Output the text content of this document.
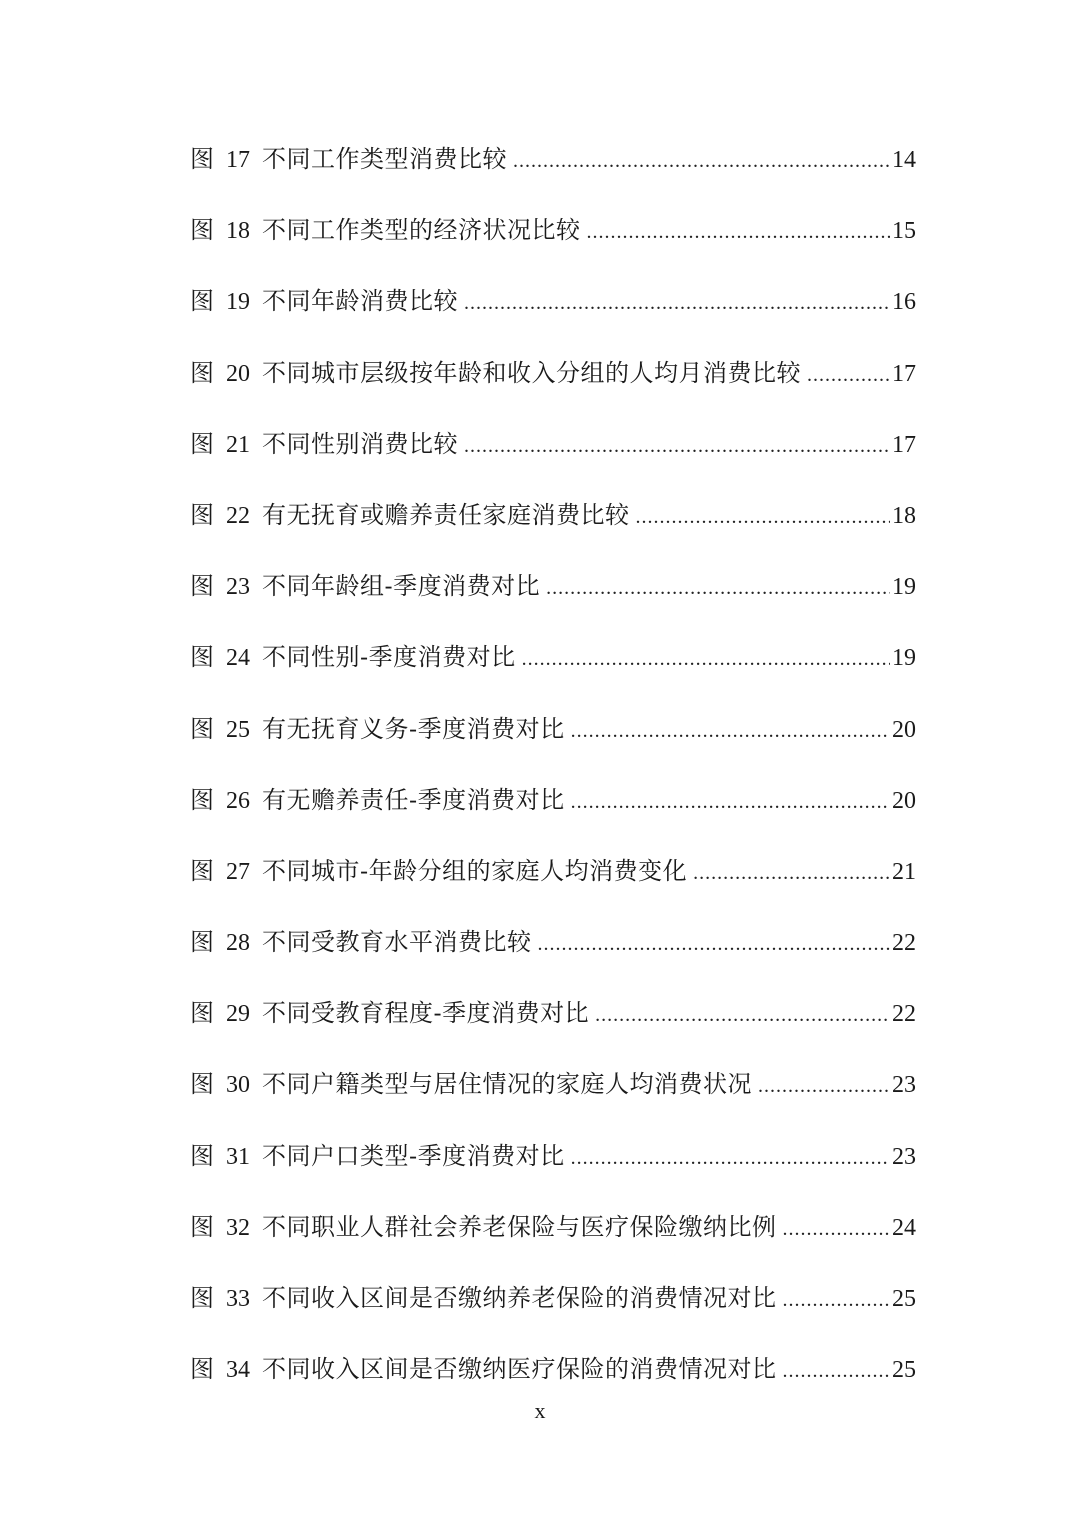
图 17 不同工作类型消费比较 .....	14
图 18 不同工作类型的经济状况比较 .....	15
图 19 不同年龄消费比较 .....	16
图 20 不同城市层级按年龄和收入分组的人均月消费比较 .....	17
图 21 不同性别消费比较 .....	17
图 22 有无抚育或赡养责任家庭消费比较 .....	18
图 23 不同年龄组-季度消费对比 .....	19
图 24 不同性别-季度消费对比 .....	19
图 25 有无抚育义务-季度消费对比 .....	20
图 26 有无赡养责任-季度消费对比 .....	20
图 27 不同城市-年龄分组的家庭人均消费变化 .....	21
图 28 不同受教育水平消费比较 .....	22
图 29 不同受教育程度-季度消费对比 .....	22
图 30 不同户籍类型与居住情况的家庭人均消费状况 .....	23
图 31 不同户口类型-季度消费对比 .....	23
图 32 不同职业人群社会养老保险与医疗保险缴纳比例 .....	24
图 33 不同收入区间是否缴纳养老保险的消费情况对比 .....	25
图 34 不同收入区间是否缴纳医疗保险的消费情况对比 .....	25
x
